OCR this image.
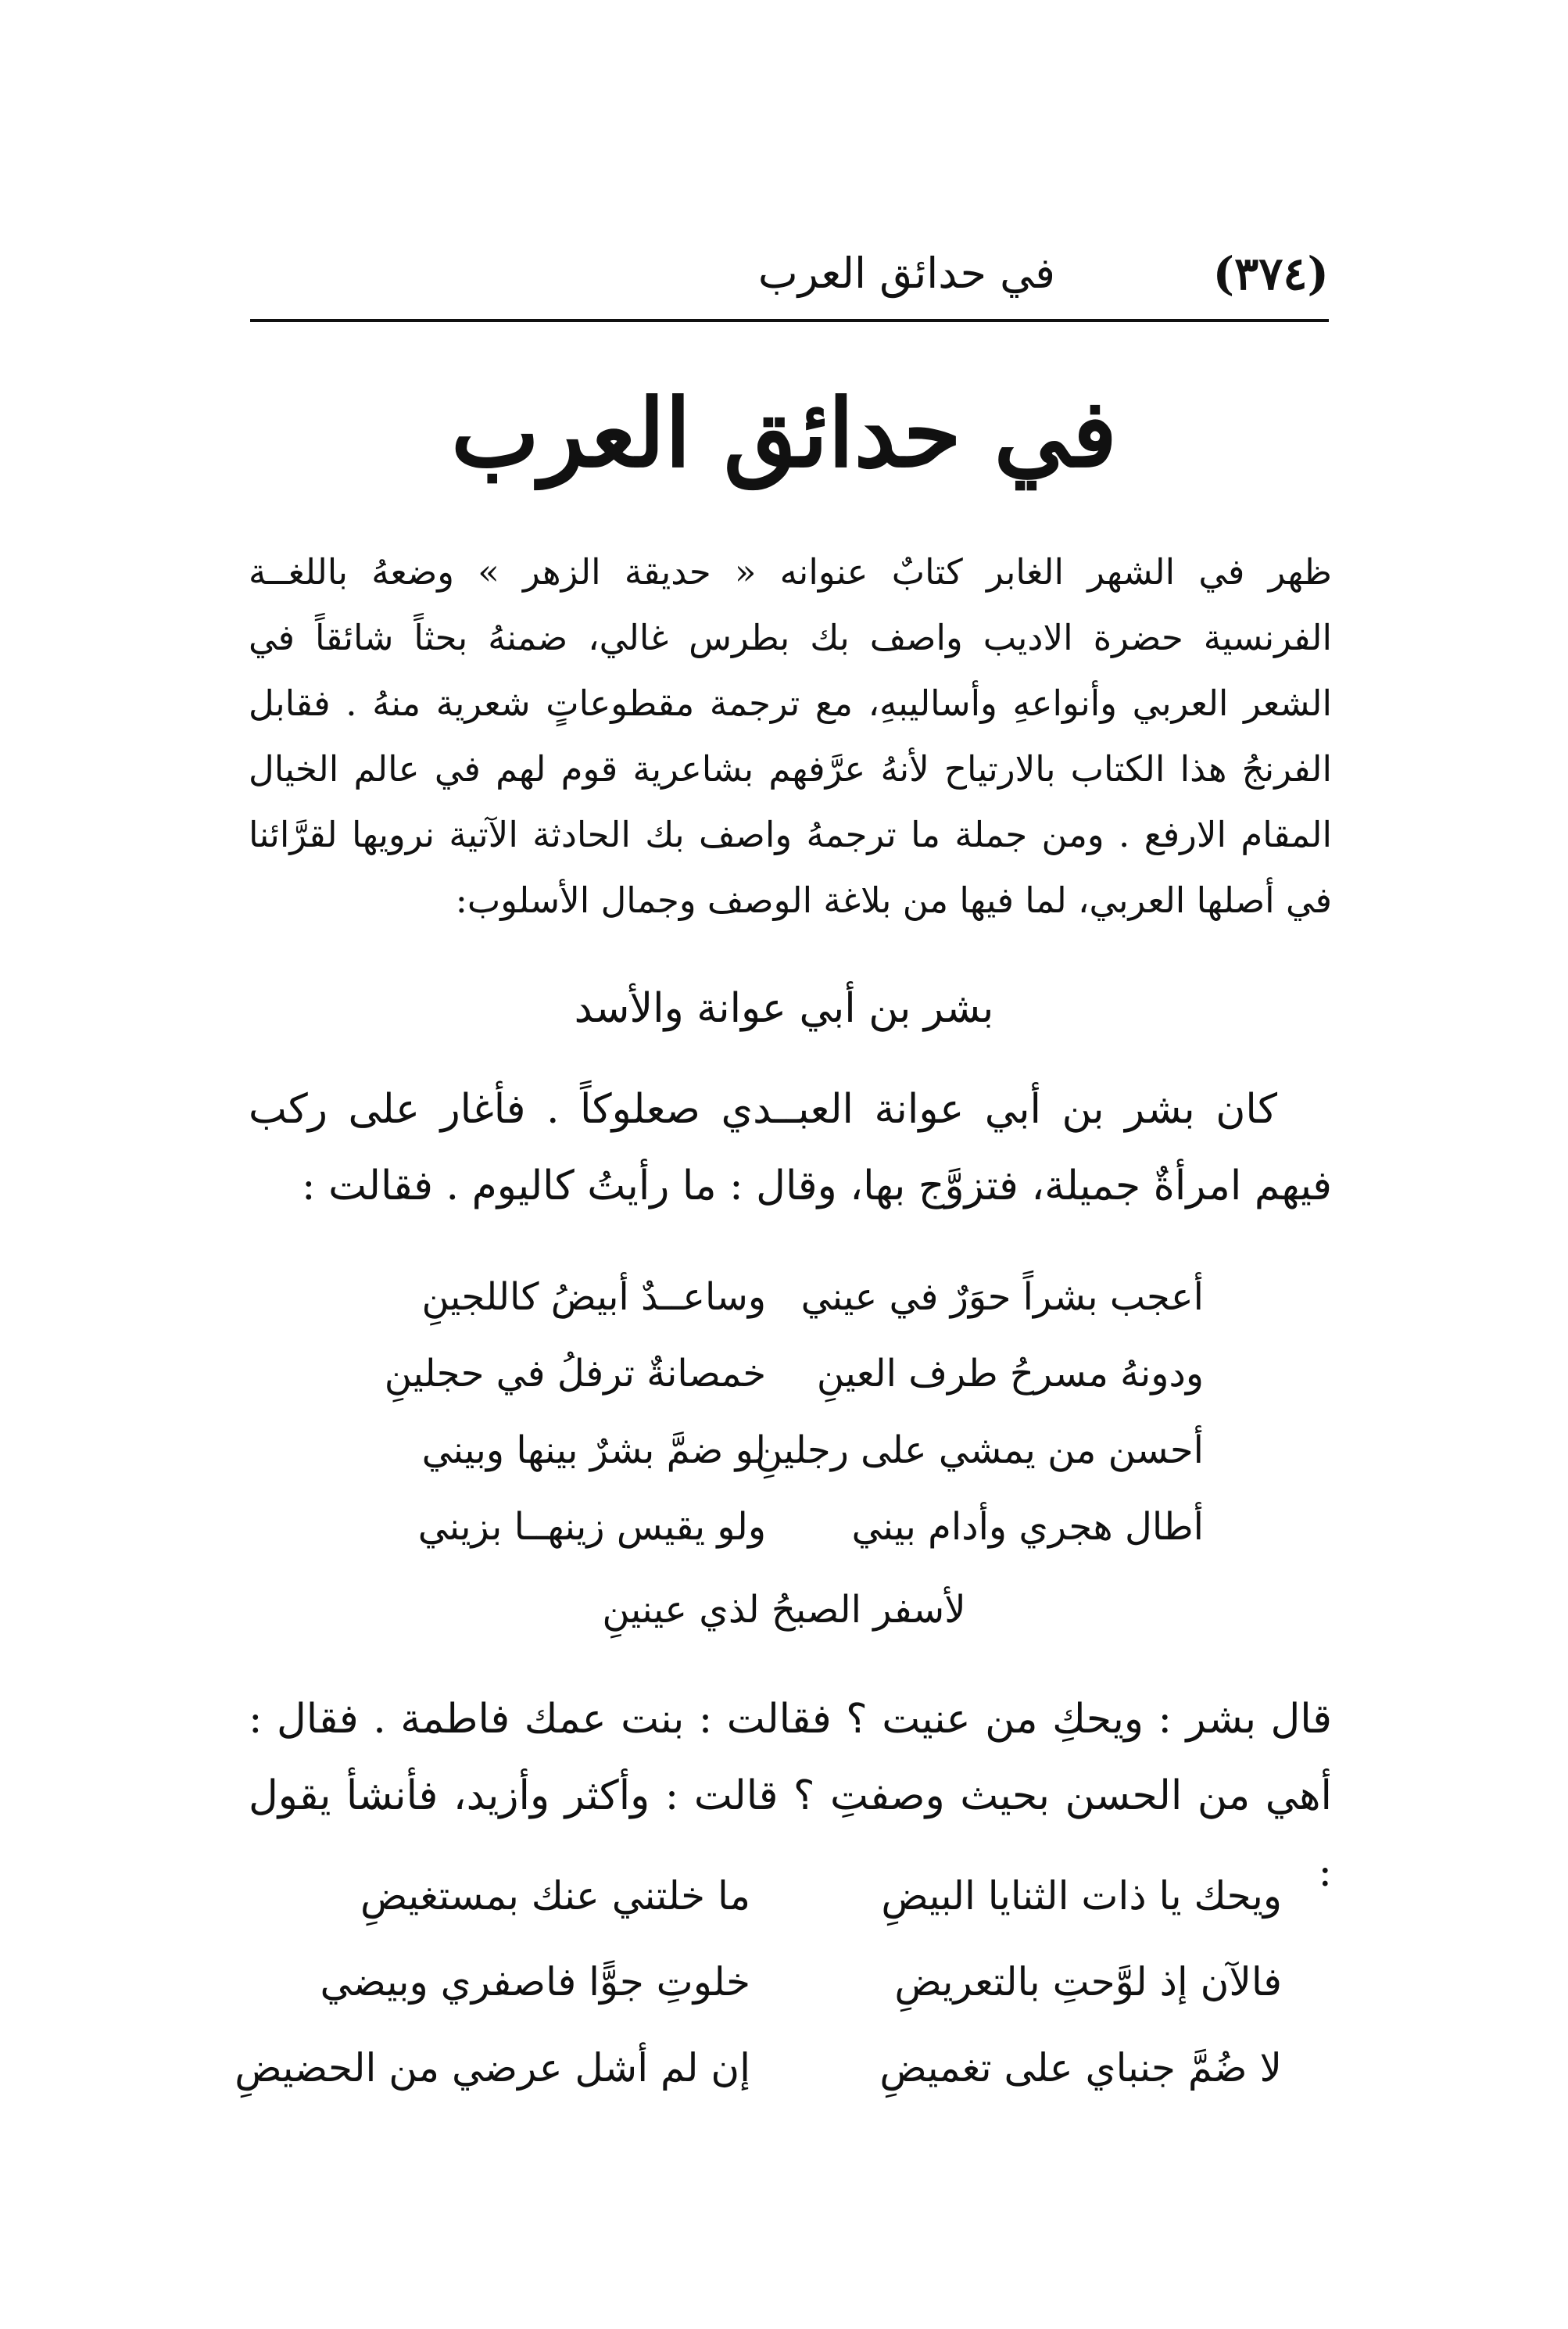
(٣٧٤)
في حدائق العرب
في حدائق العرب

ظهر في الشهر الغابر كتابٌ عنوانه « حديقة الزهر » وضعهُ باللغــة الفرنسية حضرة الاديب واصف بك بطرس غالي، ضمنهُ بحثاً شائقاً في الشعر العربي وأنواعهِ وأساليبهِ، مع ترجمة مقطوعاتٍ شعرية منهُ . فقابل الفرنجُ هذا الكتاب بالارتياح لأنهُ عرَّفهم بشاعرية قوم لهم في عالم الخيال المقام الارفع . ومن جملة ما ترجمهُ واصف بك الحادثة الآتية نرويها لقرَّائنا في أصلها العربي، لما فيها من بلاغة الوصف وجمال الأسلوب:

بشر بن أبي عوانة والأسد

كان بشر بن أبي عوانة العبــدي صعلوكاً . فأغار على ركب فيهم امرأةٌ جميلة، فتزوَّج بها، وقال : ما رأيتُ كاليوم . فقالت :

أعجب بشراً حوَرٌ في عيني
وساعــدٌ أبيضُ كاللجينِ
ودونهُ مسرحُ طرف العينِ
خمصانةٌ ترفلُ في حجلينِ
أحسن من يمشي على رجلينِ
لو ضمَّ بشرٌ بينها وبيني
أطال هجري وأدام بيني
ولو يقيس زينهــا بزيني
لأسفر الصبحُ لذي عينينِ

قال بشر : ويحكِ من عنيت ؟ فقالت : بنت عمك فاطمة . فقال : أهي من الحسن بحيث وصفتِ ؟ قالت : وأكثر وأزيد، فأنشأ يقول :

ويحك يا ذات الثنايا البيضِ
ما خلتني عنك بمستغيضِ
فالآن إذ لوَّحتِ بالتعريضِ
خلوتِ جوًّا فاصفري وبيضي
لا ضُمَّ جنباي على تغميضِ
إن لم أشل عرضي من الحضيضِ
